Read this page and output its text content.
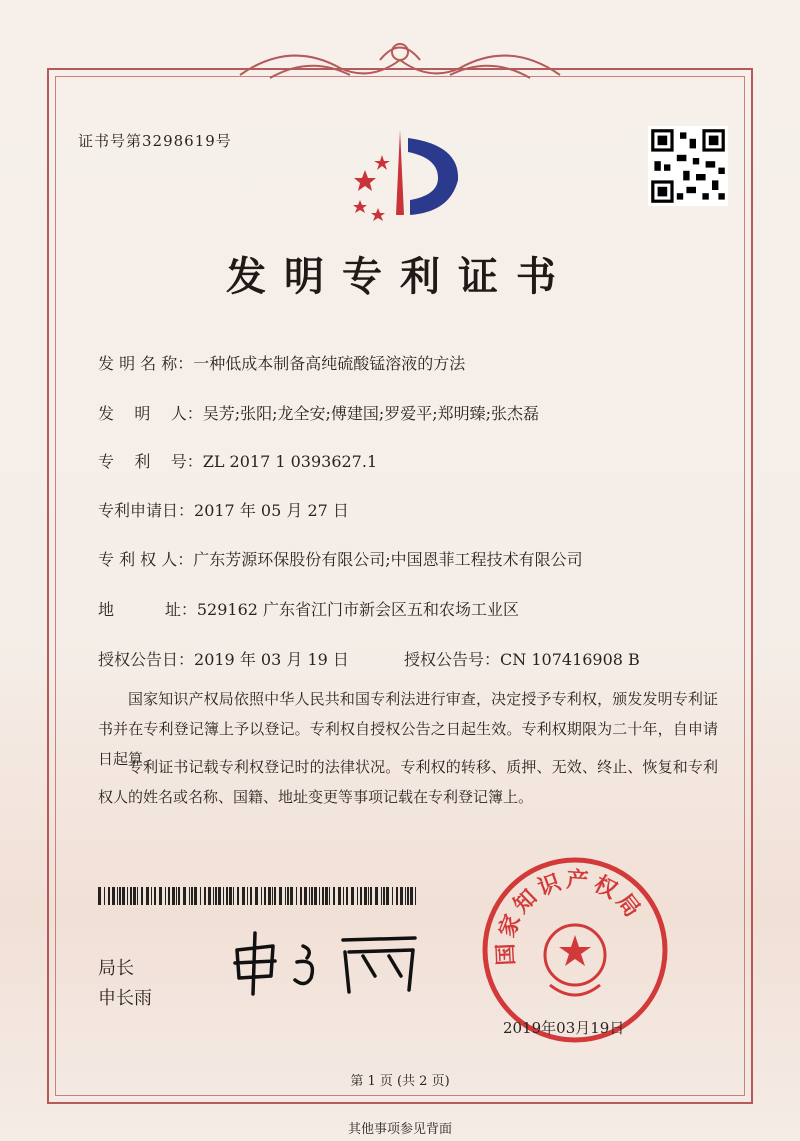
证书号第3298619号
发明专利证书
发 明 名 称：一种低成本制备高纯硫酸锰溶液的方法
发    明    人：吴芳;张阳;龙全安;傅建国;罗爱平;郑明臻;张杰磊
专    利    号：ZL 2017 1 0393627.1
专利申请日：2017 年 05 月 27 日
专 利 权 人：广东芳源环保股份有限公司;中国恩菲工程技术有限公司
地          址：529162 广东省江门市新会区五和农场工业区
授权公告日：2019 年 03 月 19 日	授权公告号：CN 107416908 B
国家知识产权局依照中华人民共和国专利法进行审查，决定授予专利权，颁发发明专利证书并在专利登记簿上予以登记。专利权自授权公告之日起生效。专利权期限为二十年，自申请日起算。
专利证书记载专利权登记时的法律状况。专利权的转移、质押、无效、终止、恢复和专利权人的姓名或名称、国籍、地址变更等事项记载在专利登记簿上。
局长
申长雨
国家知识产权局
2019年03月19日
第 1 页 (共 2 页)
其他事项参见背面
